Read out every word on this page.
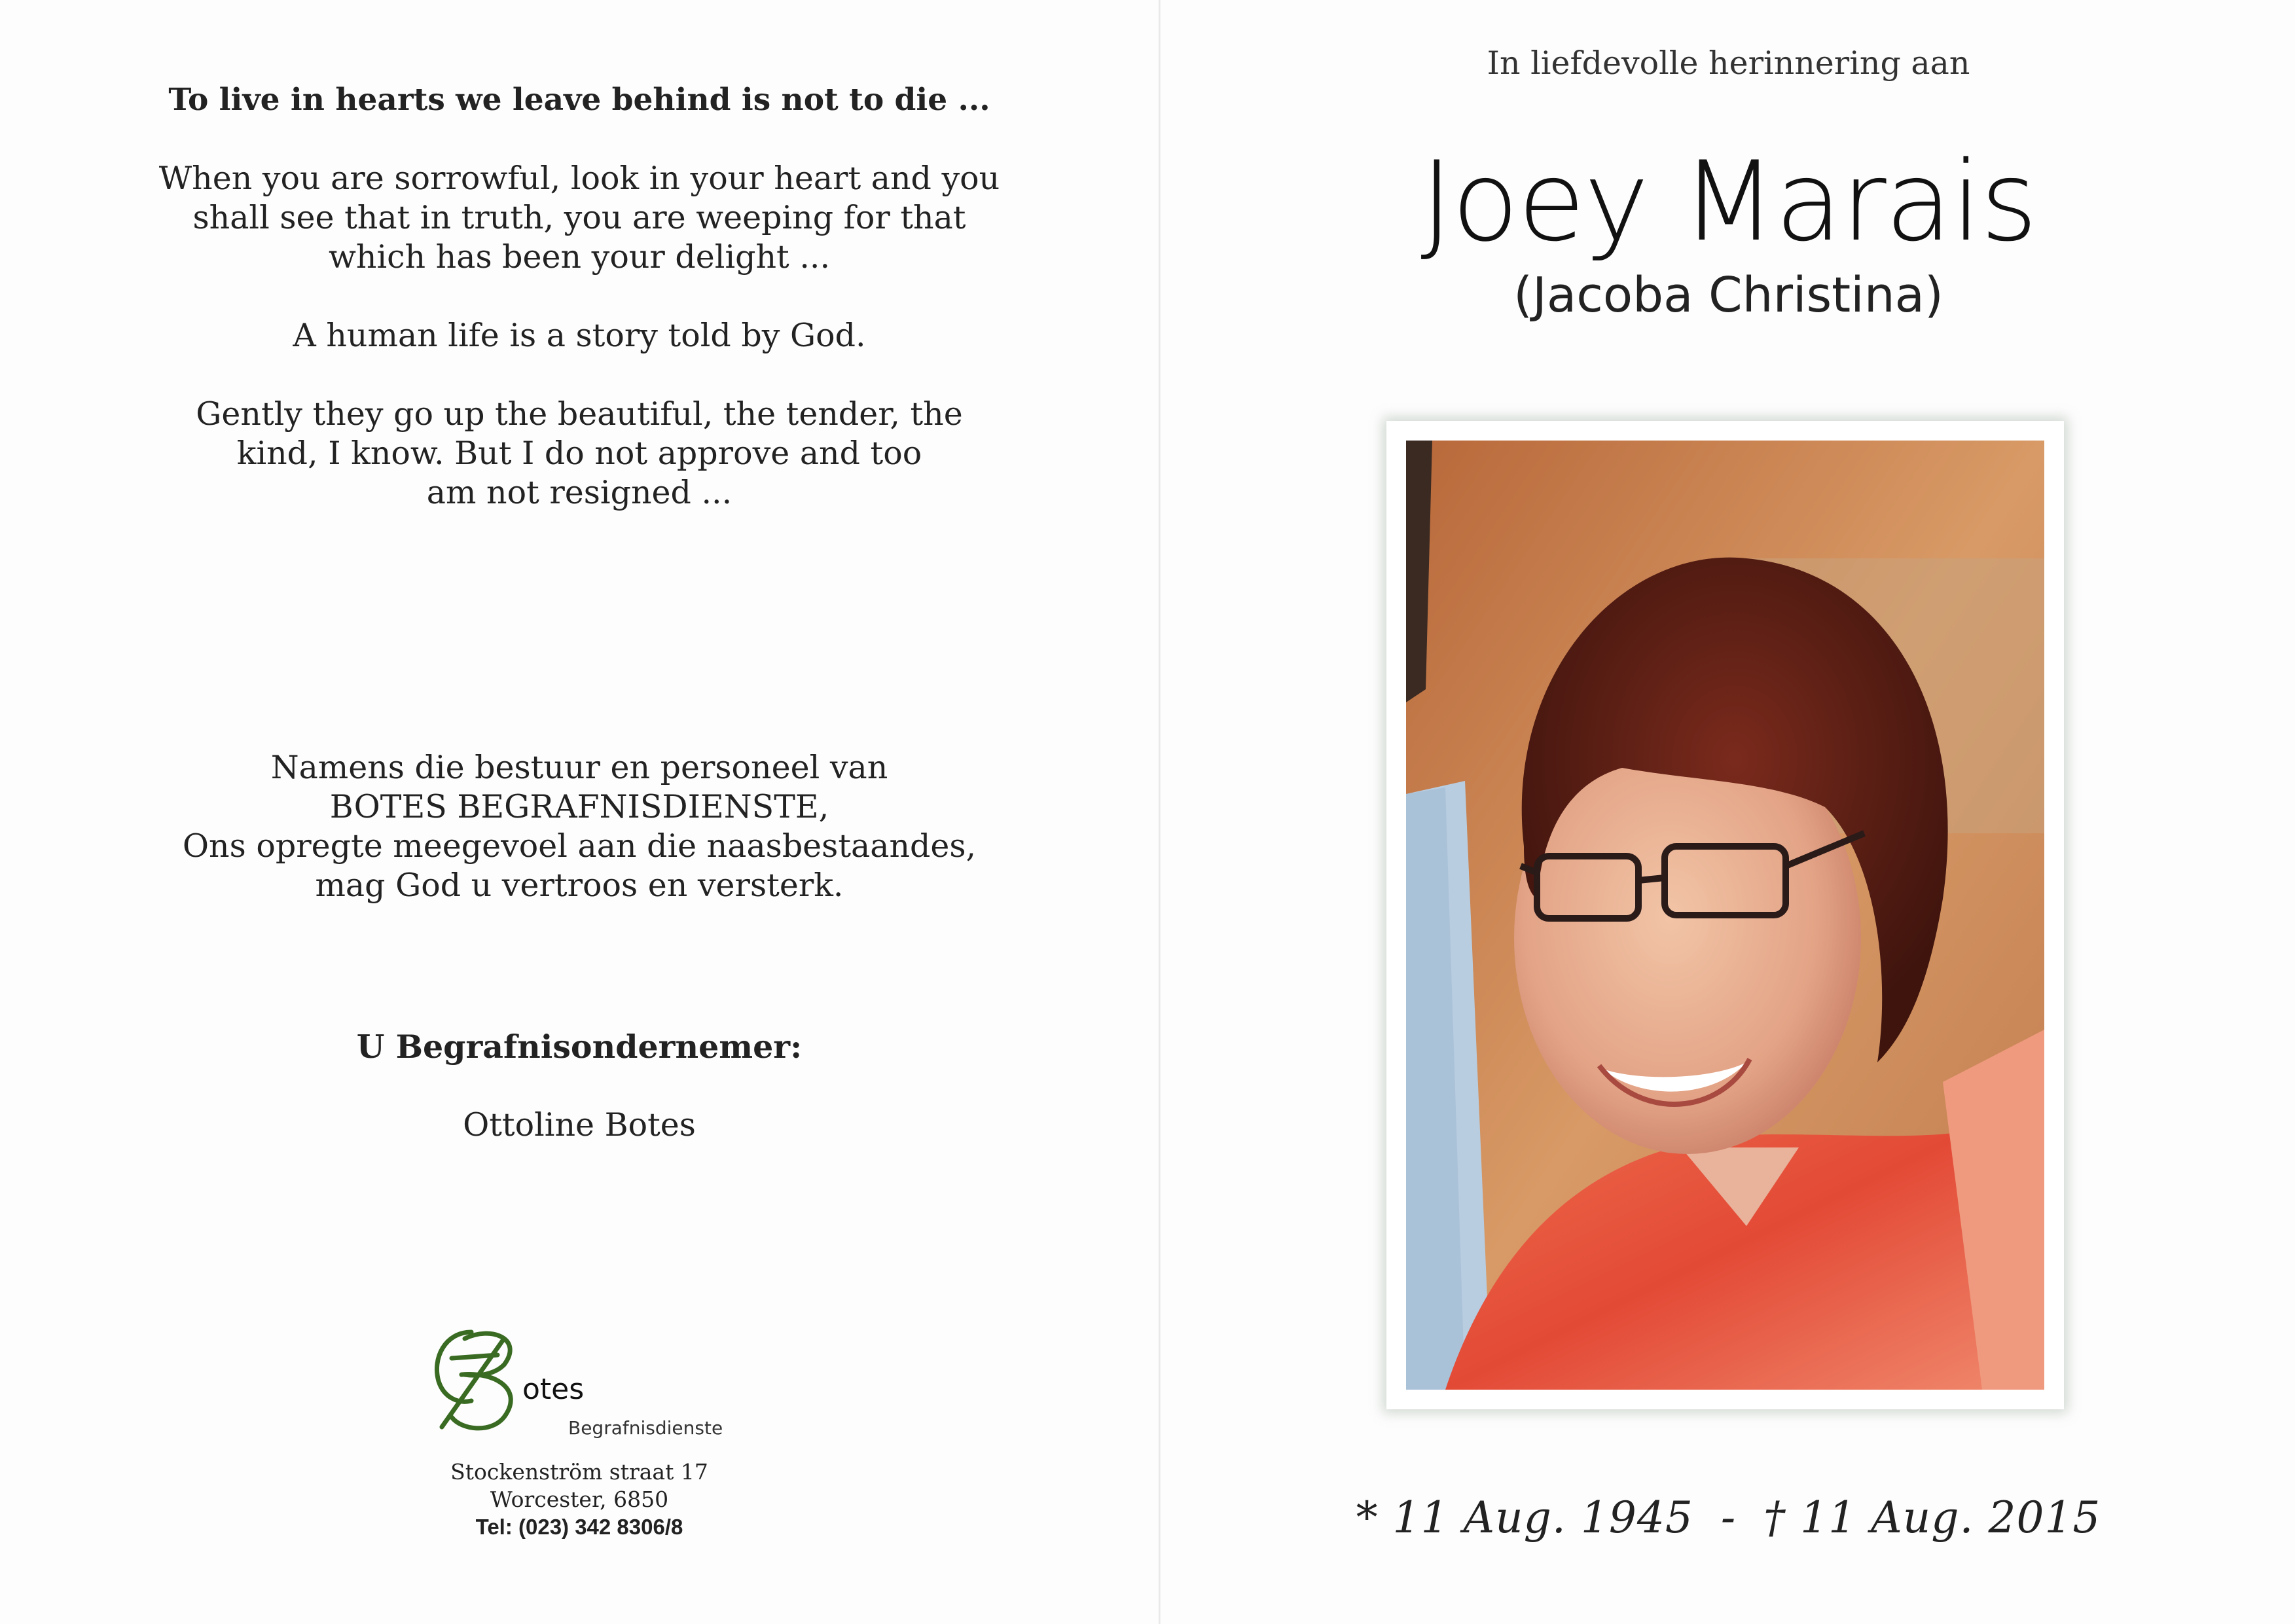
To live in hearts we leave behind is not to die ...

When you are sorrowful, look in your heart and you

shall see that in truth, you are weeping for that

which has been your delight ...

A human life is a story told by God.

Gently they go up the beautiful, the tender, the

kind, I know. But I do not approve and too

am not resigned ...

Namens die bestuur en personeel van

BOTES BEGRAFNISDIENSTE,

Ons opregte meegevoel aan die naasbestaandes,

mag God u vertroos en versterk.

U Begrafnisondernemer:
Ottoline Botes
otes
Begrafnisdienste
Stockenström straat 17
Worcester, 6850
Tel: (023) 342 8306/8
In liefdevolle herinnering aan
Joey Marais
(Jacoba Christina)
* 11 Aug. 1945 - † 11 Aug. 2015
